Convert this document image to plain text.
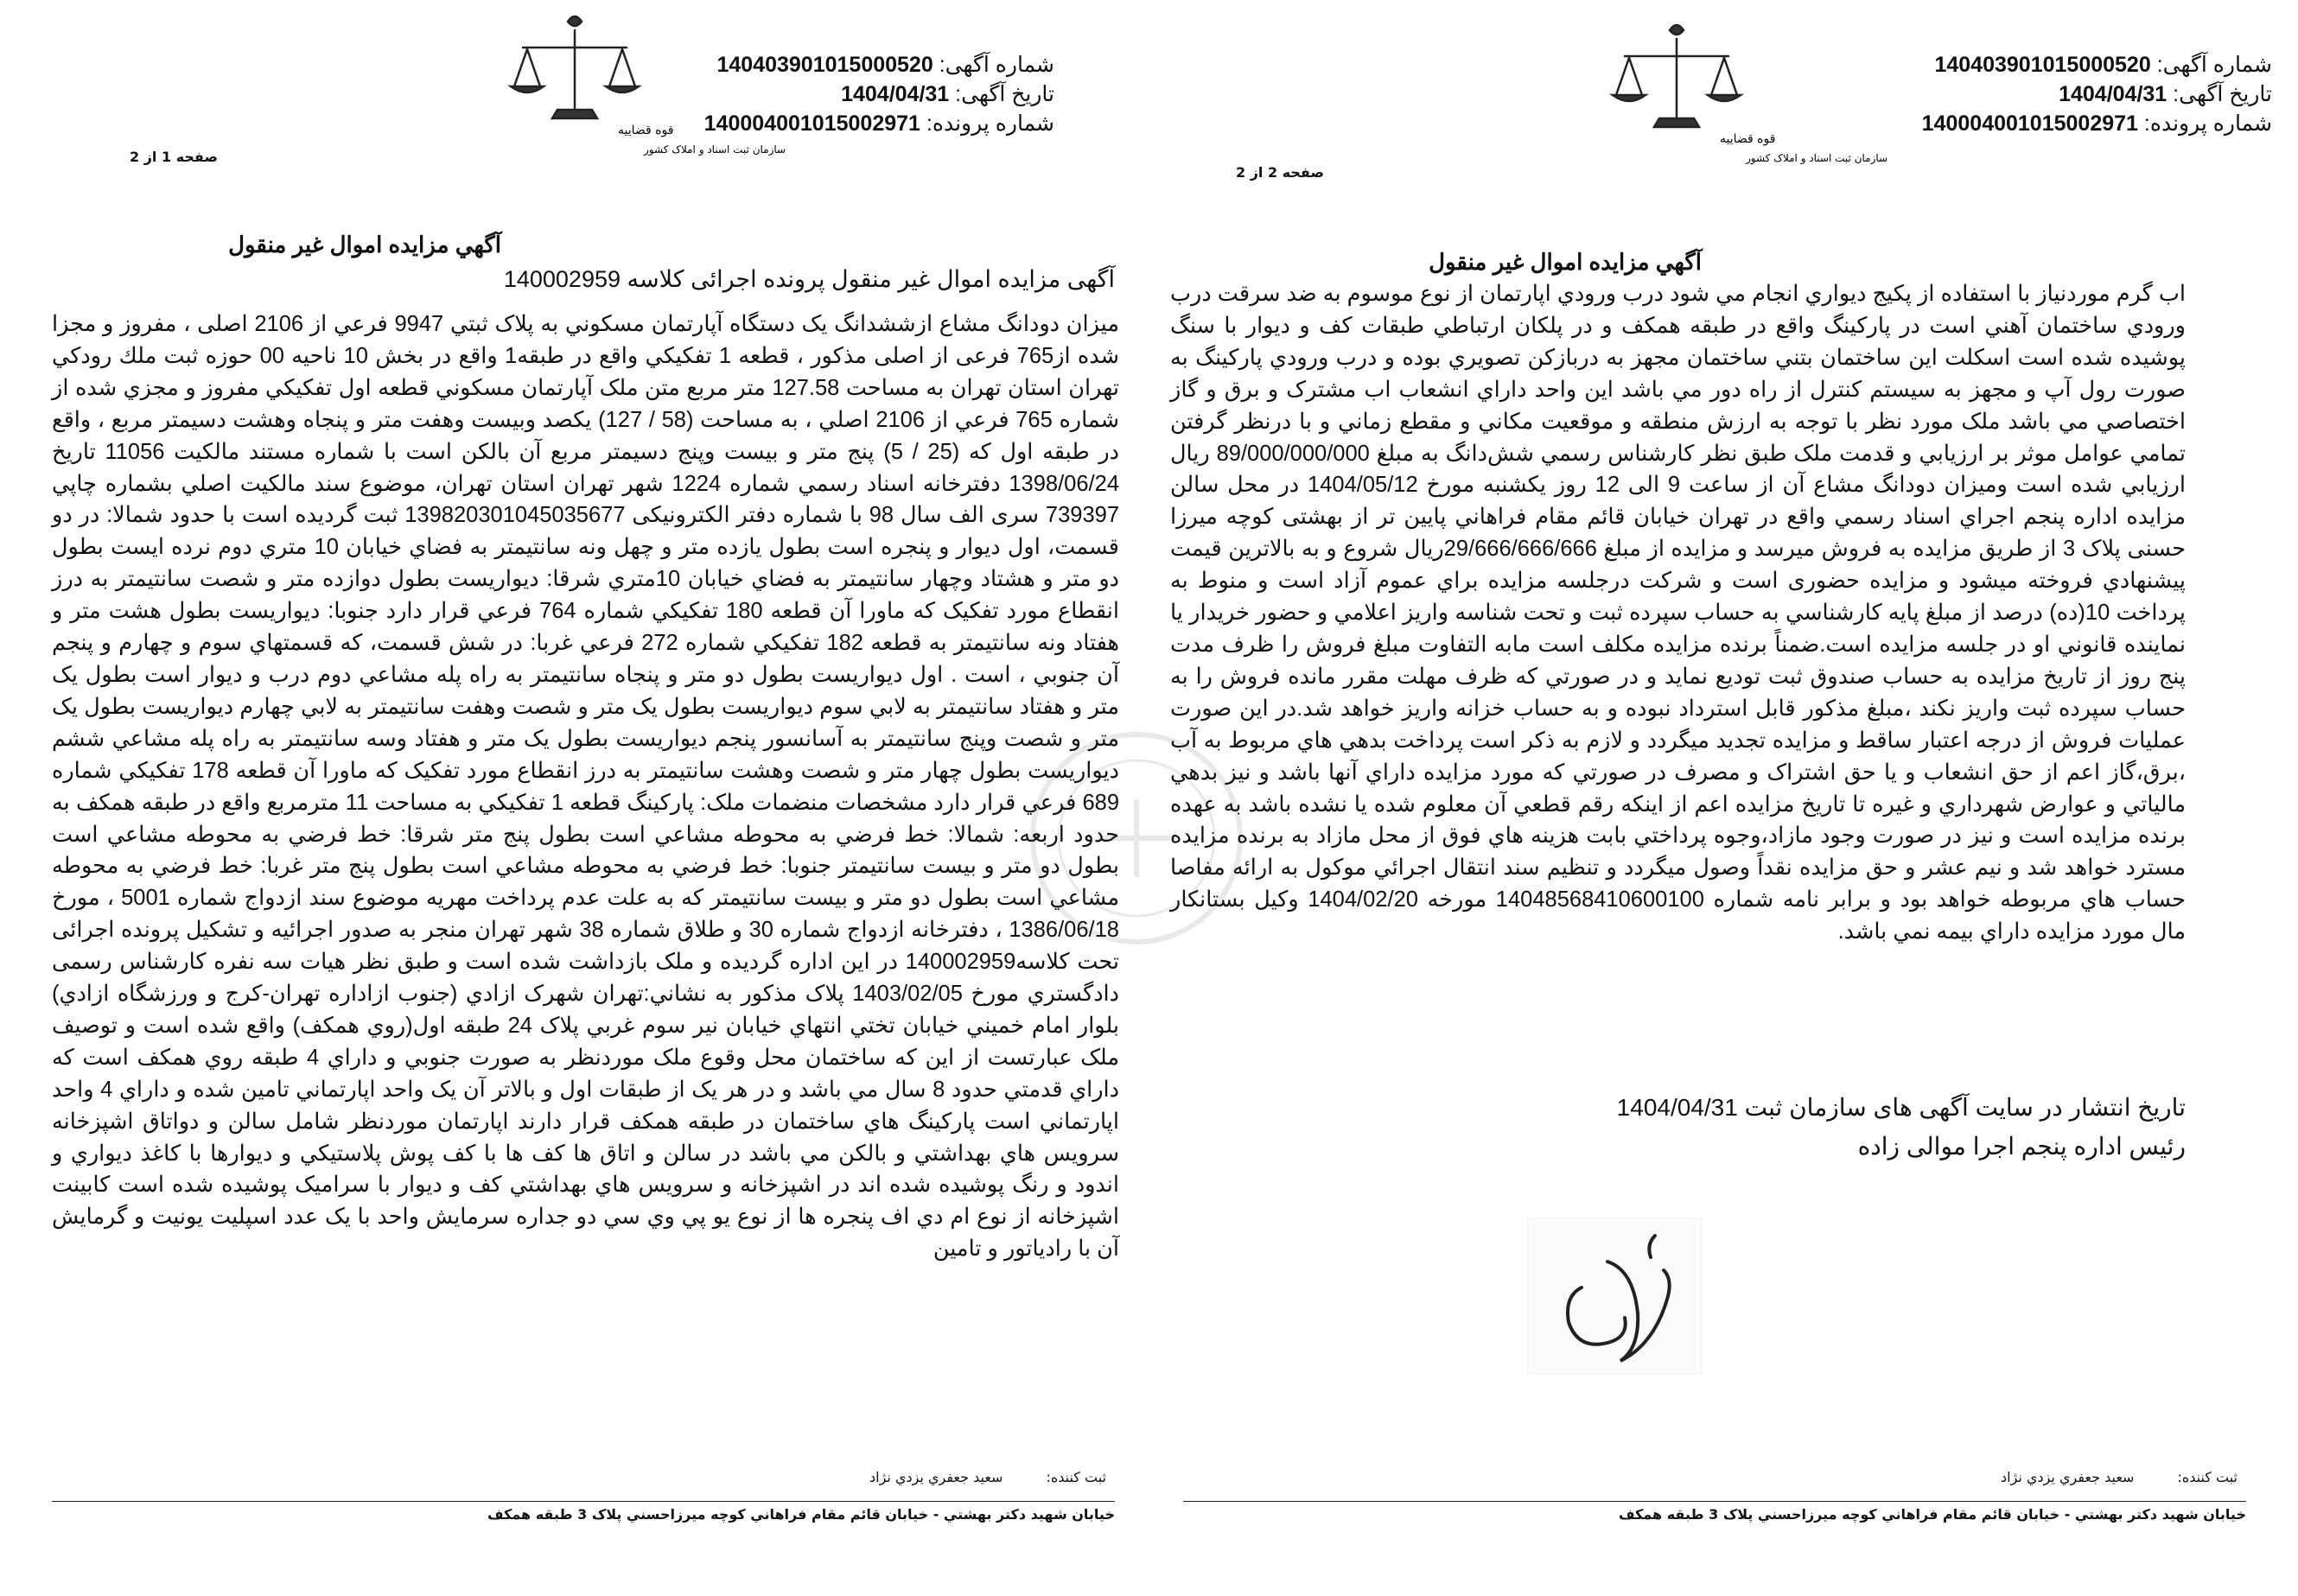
قوه قضاییه
سازمان ثبت اسناد و املاک کشور
شماره آگهی: 140403901015000520
تاریخ آگهی: 1404/04/31
شماره پرونده: 140004001015002971
صفحه 2 از 2
آگهي مزايده اموال غير منقول
اب گرم موردنياز با استفاده از پکيج ديواري انجام مي شود درب ورودي اپارتمان از نوع موسوم به ضد سرقت درب ورودي ساختمان آهني است در پارکينگ واقع در طبقه همکف و در پلکان ارتباطي طبقات کف و ديوار با سنگ پوشيده شده است اسکلت اين ساختمان بتني ساختمان مجهز به دربازکن تصويري بوده و درب ورودي پارکينگ به صورت رول آپ و مجهز به سيستم کنترل از راه دور مي باشد اين واحد داراي انشعاب اب مشترک و برق و گاز اختصاصي مي باشد ملک مورد نظر با توجه به ارزش منطقه و موقعيت مکاني و مقطع زماني و با درنظر گرفتن تمامي عوامل موثر بر ارزيابي و قدمت ملک طبق نظر کارشناس رسمي شش‌دانگ به مبلغ 89/000/000/000 ريال ارزيابي شده است وميزان دودانگ مشاع آن از ساعت 9 الی 12 روز يکشنبه مورخ 1404/05/12 در محل سالن مزايده اداره پنجم اجراي اسناد رسمي واقع در تهران خيابان قائم مقام فراهاني پايين تر از بهشتی کوچه ميرزا حسنی پلاک 3 از طريق مزايده به فروش ميرسد و مزايده از مبلغ 29/666/666/666ريال شروع و به بالاترين قيمت پيشنهادي فروخته ميشود و مزايده حضوری است و شرکت درجلسه مزايده براي عموم آزاد است و منوط به پرداخت 10(ده) درصد از مبلغ پايه کارشناسي به حساب سپرده ثبت و تحت شناسه واريز اعلامي و حضور خريدار يا نماينده قانوني او در جلسه مزايده است.ضمناً برنده مزايده مکلف است مابه التفاوت مبلغ فروش را ظرف مدت پنج روز از تاريخ مزايده به حساب صندوق ثبت توديع نمايد و در صورتي که ظرف مهلت مقرر مانده فروش را به حساب سپرده ثبت واريز نکند ،مبلغ مذکور قابل استرداد نبوده و به حساب خزانه واريز خواهد شد.در اين صورت عمليات فروش از درجه اعتبار ساقط و مزايده تجديد ميگردد و لازم به ذکر است پرداخت بدهي هاي مربوط به آب ،برق،گاز اعم از حق انشعاب و يا حق اشتراک و مصرف در صورتي که مورد مزايده داراي آنها باشد و نيز بدهي مالياتي و عوارض شهرداري و غيره تا تاريخ مزايده اعم از اينکه رقم قطعي آن معلوم شده يا نشده باشد به عهده برنده مزايده است و نيز در صورت وجود مازاد،وجوه پرداختي بابت هزينه هاي فوق از محل مازاد به برنده مزايده مسترد خواهد شد و نيم عشر و حق مزايده نقداً وصول ميگردد و تنظيم سند انتقال اجرائي موکول به ارائه مفاصا حساب هاي مربوطه خواهد بود و برابر نامه شماره 14048568410600100 مورخه 1404/02/20 وکيل بستانکار مال مورد مزايده داراي بيمه نمي باشد.
تاريخ انتشار در سايت آگهی های سازمان ثبت 1404/04/31
رئیس اداره پنجم اجرا موالی زاده
ثبت کننده:
سعيد جعفري يزدي نژاد
خيابان شهيد دکتر بهشتي - خيابان قائم مقام فراهاني کوچه ميرزاحسني پلاک 3 طبقه همکف
قوه قضاییه
سازمان ثبت اسناد و املاک کشور
شماره آگهی: 140403901015000520
تاریخ آگهی: 1404/04/31
شماره پرونده: 140004001015002971
صفحه 1 از 2
آگهي مزايده اموال غير منقول
آگهی مزایده اموال غیر منقول پرونده اجرائی کلاسه 140002959
ميزان دودانگ مشاع ازششدانگ يک دستگاه آپارتمان مسکوني به پلاک ثبتي 9947 فرعي از 2106 اصلی ، مفروز و مجزا شده از765 فرعی از اصلی مذکور ، قطعه 1 تفکيکي واقع در طبقه1 واقع در بخش 10 ناحيه 00 حوزه ثبت ملك رودكي تهران استان تهران به مساحت 127.58 متر مربع متن ملک آپارتمان مسکوني قطعه اول تفکيکي مفروز و مجزي شده از شماره 765 فرعي از 2106 اصلي ، به مساحت (58 / 127) يکصد وبيست وهفت متر و پنجاه وهشت دسيمتر مربع ، واقع در طبقه اول که (25 / 5) پنج متر و بيست وپنج دسيمتر مربع آن بالكن است با شماره مستند مالکيت 11056 تاريخ 1398/06/24 دفترخانه اسناد رسمي شماره 1224 شهر تهران استان تهران، موضوع سند مالکيت اصلي بشماره چاپي 739397 سری الف سال 98 با شماره دفتر الکترونيکی 139820301045035677 ثبت گرديده است با حدود شمالا: در دو قسمت، اول ديوار و پنجره است بطول يازده متر و چهل ونه سانتيمتر به فضاي خيابان 10 متري دوم نرده ايست بطول دو متر و هشتاد وچهار سانتيمتر به فضاي خيابان 10متري شرقا: ديواريست بطول دوازده متر و شصت سانتيمتر به درز انقطاع مورد تفکيک که ماورا آن قطعه 180 تفکيکي شماره 764 فرعي قرار دارد جنوبا: ديواريست بطول هشت متر و هفتاد ونه سانتيمتر به قطعه 182 تفکيکي شماره 272 فرعي غربا: در شش قسمت، که قسمتهاي سوم و چهارم و پنجم آن جنوبي ، است . اول ديواريست بطول دو متر و پنجاه سانتيمتر به راه پله مشاعي دوم درب و ديوار است بطول يک متر و هفتاد سانتيمتر به لابي سوم ديواريست بطول يک متر و شصت وهفت سانتيمتر به لابي چهارم ديواريست بطول يک متر و شصت وپنج سانتيمتر به آسانسور پنجم ديواريست بطول يک متر و هفتاد وسه سانتيمتر به راه پله مشاعي ششم ديواريست بطول چهار متر و شصت وهشت سانتيمتر به درز انقطاع مورد تفکيک که ماورا آن قطعه 178 تفکيکي شماره 689 فرعي قرار دارد مشخصات منضمات ملک: پارکينگ قطعه 1 تفکيکي به مساحت 11 مترمربع واقع در طبقه همکف به حدود اربعه: شمالا: خط فرضي به محوطه مشاعي است بطول پنج متر شرقا: خط فرضي به محوطه مشاعي است بطول دو متر و بيست سانتيمتر جنوبا: خط فرضي به محوطه مشاعي است بطول پنج متر غربا: خط فرضي به محوطه مشاعي است بطول دو متر و بيست سانتيمتر که به علت عدم پرداخت مهريه موضوع سند ازدواج شماره 5001 ، مورخ 1386/06/18 ، دفترخانه ازدواج شماره 30 و طلاق شماره 38 شهر تهران منجر به صدور اجرائيه و تشکيل پرونده اجرائی تحت کلاسه140002959 در اين اداره گرديده و ملک بازداشت شده است و طبق نظر هيات سه نفره کارشناس رسمی دادگستري مورخ 1403/02/05 پلاک مذکور به نشاني:تهران شهرک ازادي (جنوب ازاداره تهران-کرج و ورزشگاه ازادي) بلوار امام خميني خيابان تختي انتهاي خيابان نير سوم غربي پلاک 24 طبقه اول(روي همکف) واقع شده است و توصيف ملک عبارتست از اين که ساختمان محل وقوع ملک موردنظر به صورت جنوبي و داراي 4 طبقه روي همکف است که داراي قدمتي حدود 8 سال مي باشد و در هر يک از طبقات اول و بالاتر آن يک واحد اپارتماني تامين شده و داراي 4 واحد اپارتماني است پارکينگ هاي ساختمان در طبقه همکف قرار دارند اپارتمان موردنظر شامل سالن و دواتاق اشپزخانه سرويس هاي بهداشتي و بالکن مي باشد در سالن و اتاق ها کف ها با کف پوش پلاستيکي و ديوارها با کاغذ ديواري و اندود و رنگ پوشيده شده اند در اشپزخانه و سرويس هاي بهداشتي کف و ديوار با سراميک پوشيده شده است کابينت اشپزخانه از نوع ام دي اف پنجره ها از نوع يو پي وي سي دو جداره سرمايش واحد با يک عدد اسپليت يونيت و گرمايش آن با رادياتور و تامين
ثبت کننده:
سعيد جعفري يزدي نژاد
خيابان شهيد دکتر بهشتي - خيابان قائم مقام فراهاني کوچه ميرزاحسني پلاک 3 طبقه همکف
